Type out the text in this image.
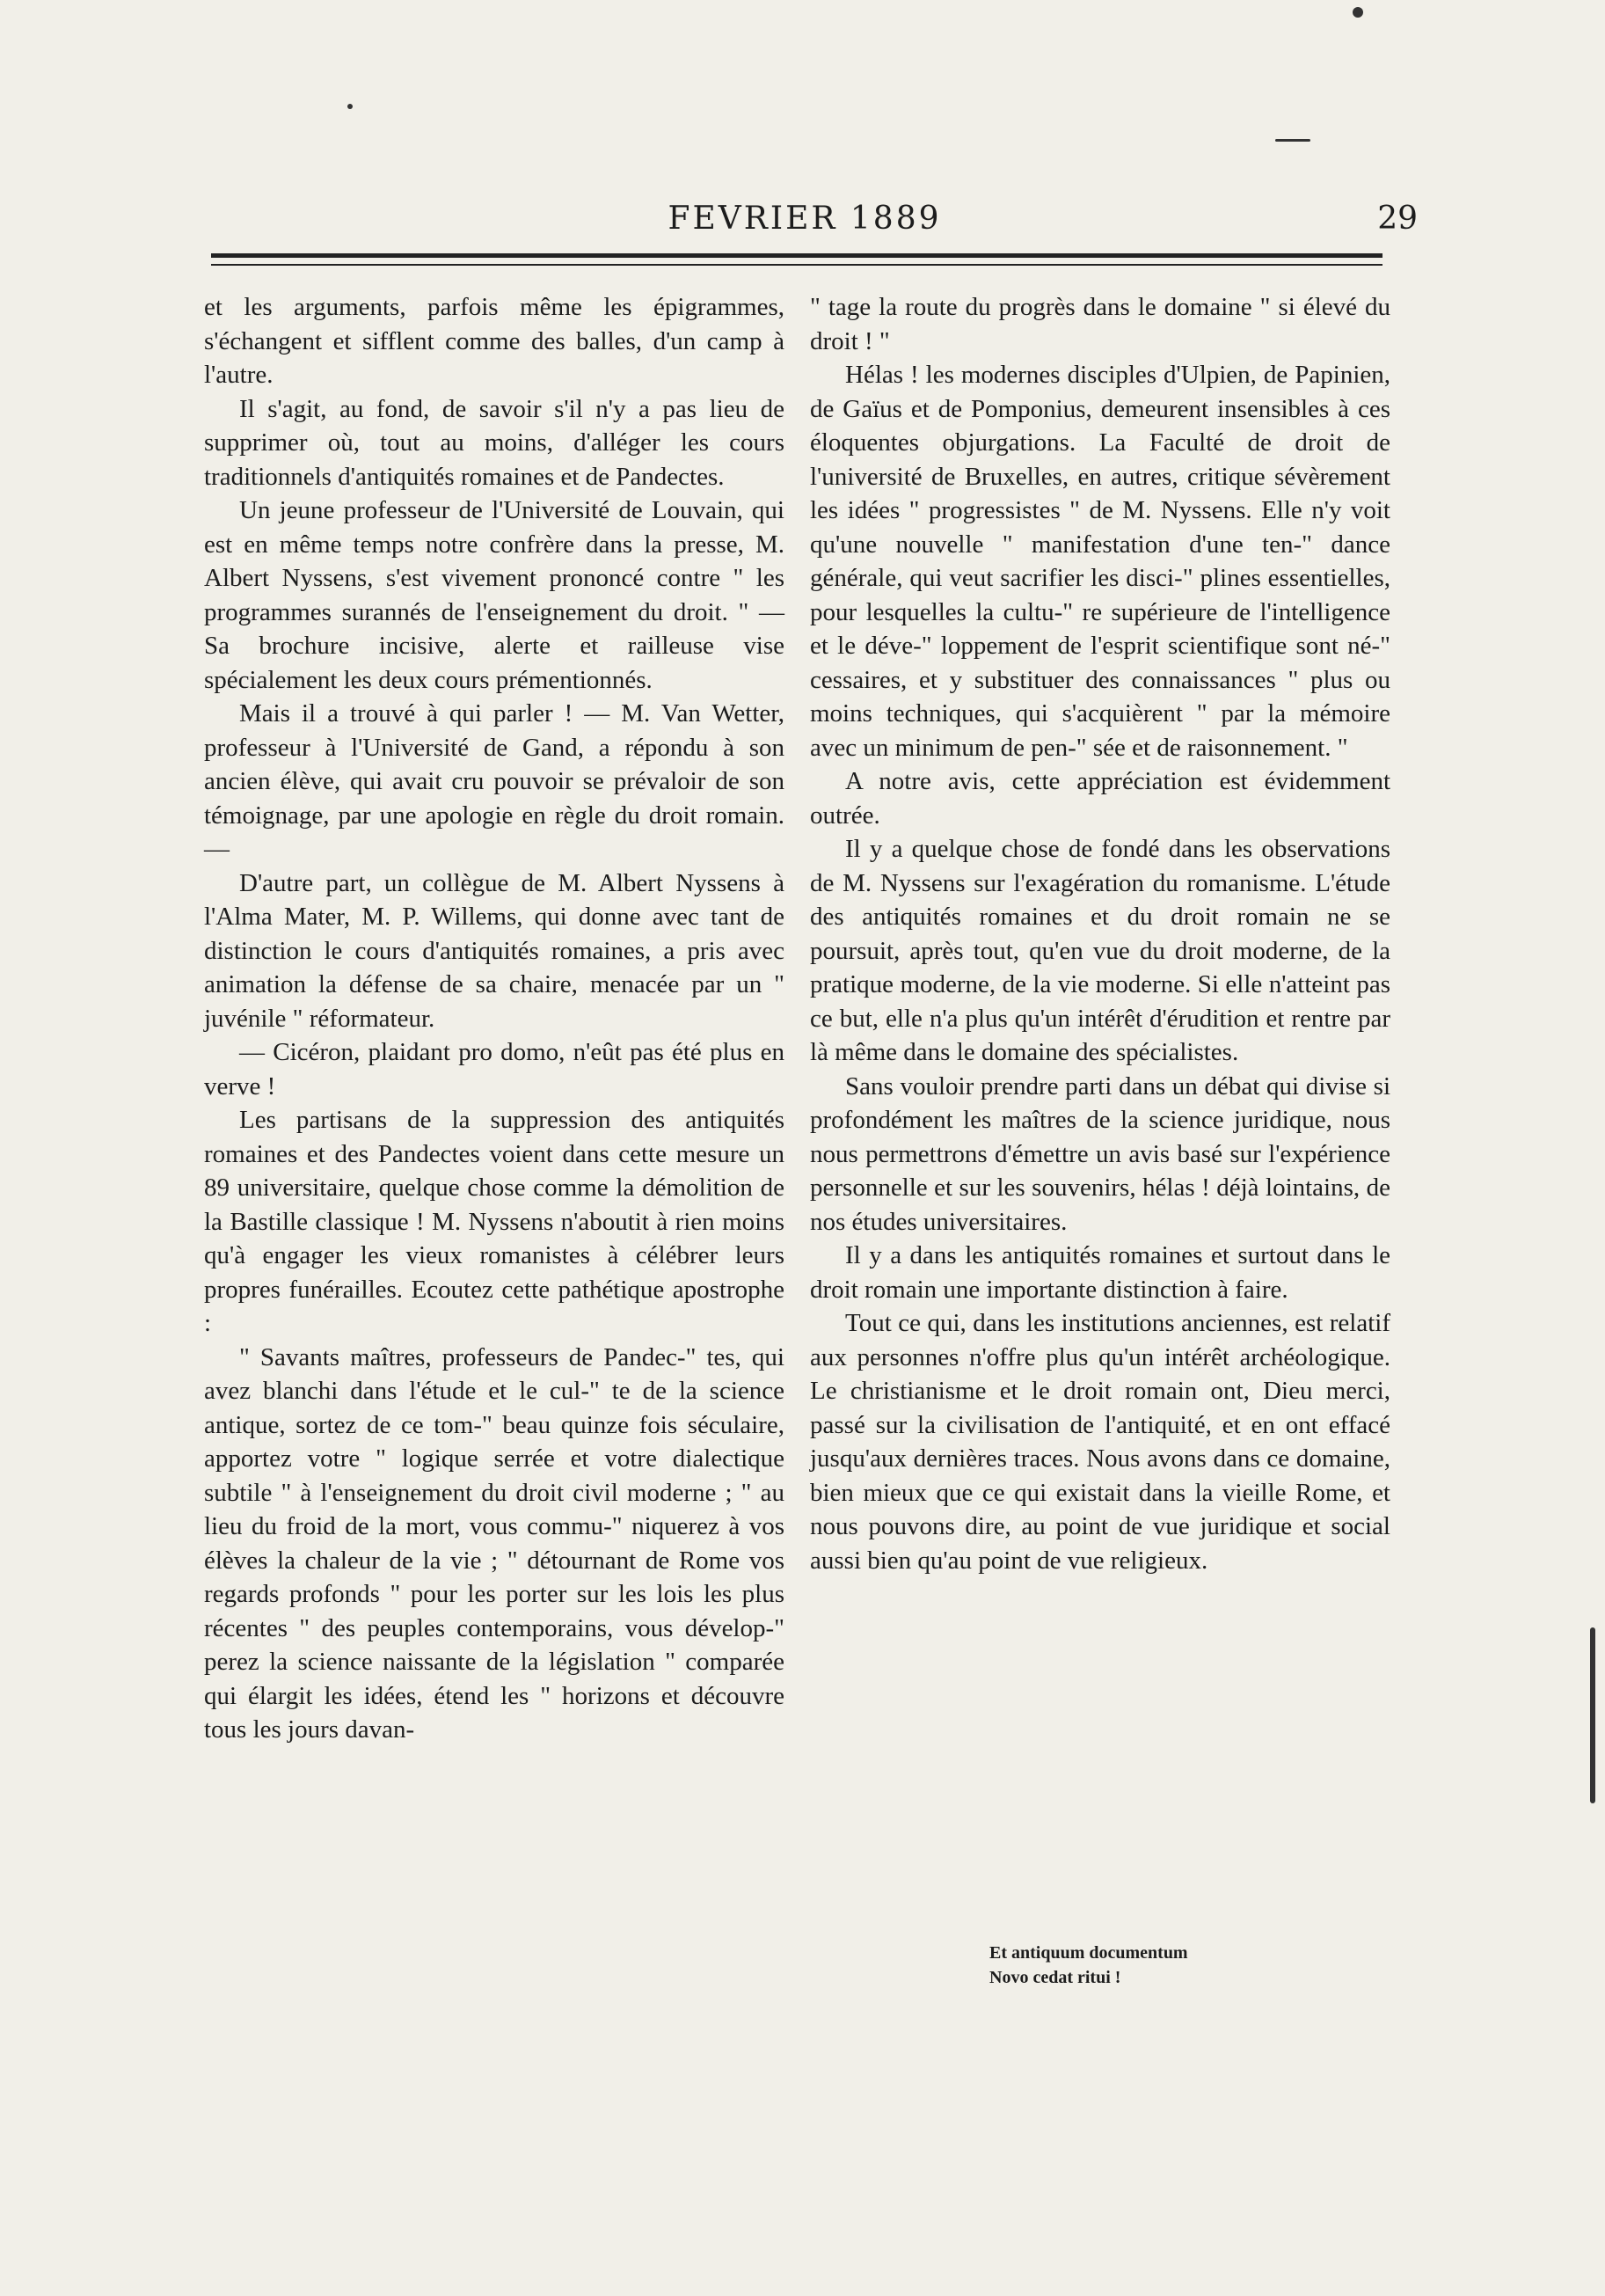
FEVRIER 1889	29

et les arguments, parfois même les épigrammes, s'échangent et sifflent comme des balles, d'un camp à l'autre.

Il s'agit, au fond, de savoir s'il n'y a pas lieu de supprimer où, tout au moins, d'alléger les cours traditionnels d'antiquités romaines et de Pandectes.

Un jeune professeur de l'Université de Louvain, qui est en même temps notre confrère dans la presse, M. Albert Nyssens, s'est vivement prononcé contre " les programmes surannés de l'enseignement du droit. " — Sa brochure incisive, alerte et railleuse vise spécialement les deux cours prémentionnés.

Mais il a trouvé à qui parler ! — M. Van Wetter, professeur à l'Université de Gand, a répondu à son ancien élève, qui avait cru pouvoir se prévaloir de son témoignage, par une apologie en règle du droit romain. —

D'autre part, un collègue de M. Albert Nyssens à l'Alma Mater, M. P. Willems, qui donne avec tant de distinction le cours d'antiquités romaines, a pris avec animation la défense de sa chaire, menacée par un " juvénile " réformateur.

— Cicéron, plaidant pro domo, n'eût pas été plus en verve !

Les partisans de la suppression des antiquités romaines et des Pandectes voient dans cette mesure un 89 universitaire, quelque chose comme la démolition de la Bastille classique ! M. Nyssens n'aboutit à rien moins qu'à engager les vieux romanistes à célébrer leurs propres funérailles. Ecoutez cette pathétique apostrophe :

" Savants maîtres, professeurs de Pandec-" tes, qui avez blanchi dans l'étude et le cul-" te de la science antique, sortez de ce tom-" beau quinze fois séculaire, apportez votre " logique serrée et votre dialectique subtile " à l'enseignement du droit civil moderne ; " au lieu du froid de la mort, vous commu-" niquerez à vos élèves la chaleur de la vie ; " détournant de Rome vos regards profonds " pour les porter sur les lois les plus récentes " des peuples contemporains, vous dévelop-" perez la science naissante de la législation " comparée qui élargit les idées, étend les " horizons et découvre tous les jours davan-

" tage la route du progrès dans le domaine " si élevé du droit ! "

Hélas ! les modernes disciples d'Ulpien, de Papinien, de Gaïus et de Pomponius, demeurent insensibles à ces éloquentes objurgations. La Faculté de droit de l'université de Bruxelles, en autres, critique sévèrement les idées " progressistes " de M. Nyssens. Elle n'y voit qu'une nouvelle " manifestation d'une ten-" dance générale, qui veut sacrifier les disci-" plines essentielles, pour lesquelles la cultu-" re supérieure de l'intelligence et le déve-" loppement de l'esprit scientifique sont né-" cessaires, et y substituer des connaissances " plus ou moins techniques, qui s'acquièrent " par la mémoire avec un minimum de pen-" sée et de raisonnement. "

A notre avis, cette appréciation est évidemment outrée.

Il y a quelque chose de fondé dans les observations de M. Nyssens sur l'exagération du romanisme. L'étude des antiquités romaines et du droit romain ne se poursuit, après tout, qu'en vue du droit moderne, de la pratique moderne, de la vie moderne. Si elle n'atteint pas ce but, elle n'a plus qu'un intérêt d'érudition et rentre par là même dans le domaine des spécialistes.

Sans vouloir prendre parti dans un débat qui divise si profondément les maîtres de la science juridique, nous nous permettrons d'émettre un avis basé sur l'expérience personnelle et sur les souvenirs, hélas ! déjà lointains, de nos études universitaires.

Il y a dans les antiquités romaines et surtout dans le droit romain une importante distinction à faire.

Tout ce qui, dans les institutions anciennes, est relatif aux personnes n'offre plus qu'un intérêt archéologique. Le christianisme et le droit romain ont, Dieu merci, passé sur la civilisation de l'antiquité, et en ont effacé jusqu'aux dernières traces. Nous avons dans ce domaine, bien mieux que ce qui existait dans la vieille Rome, et nous pouvons dire, au point de vue juridique et social aussi bien qu'au point de vue religieux.

Et antiquum documentum
Novo cedat ritui !
